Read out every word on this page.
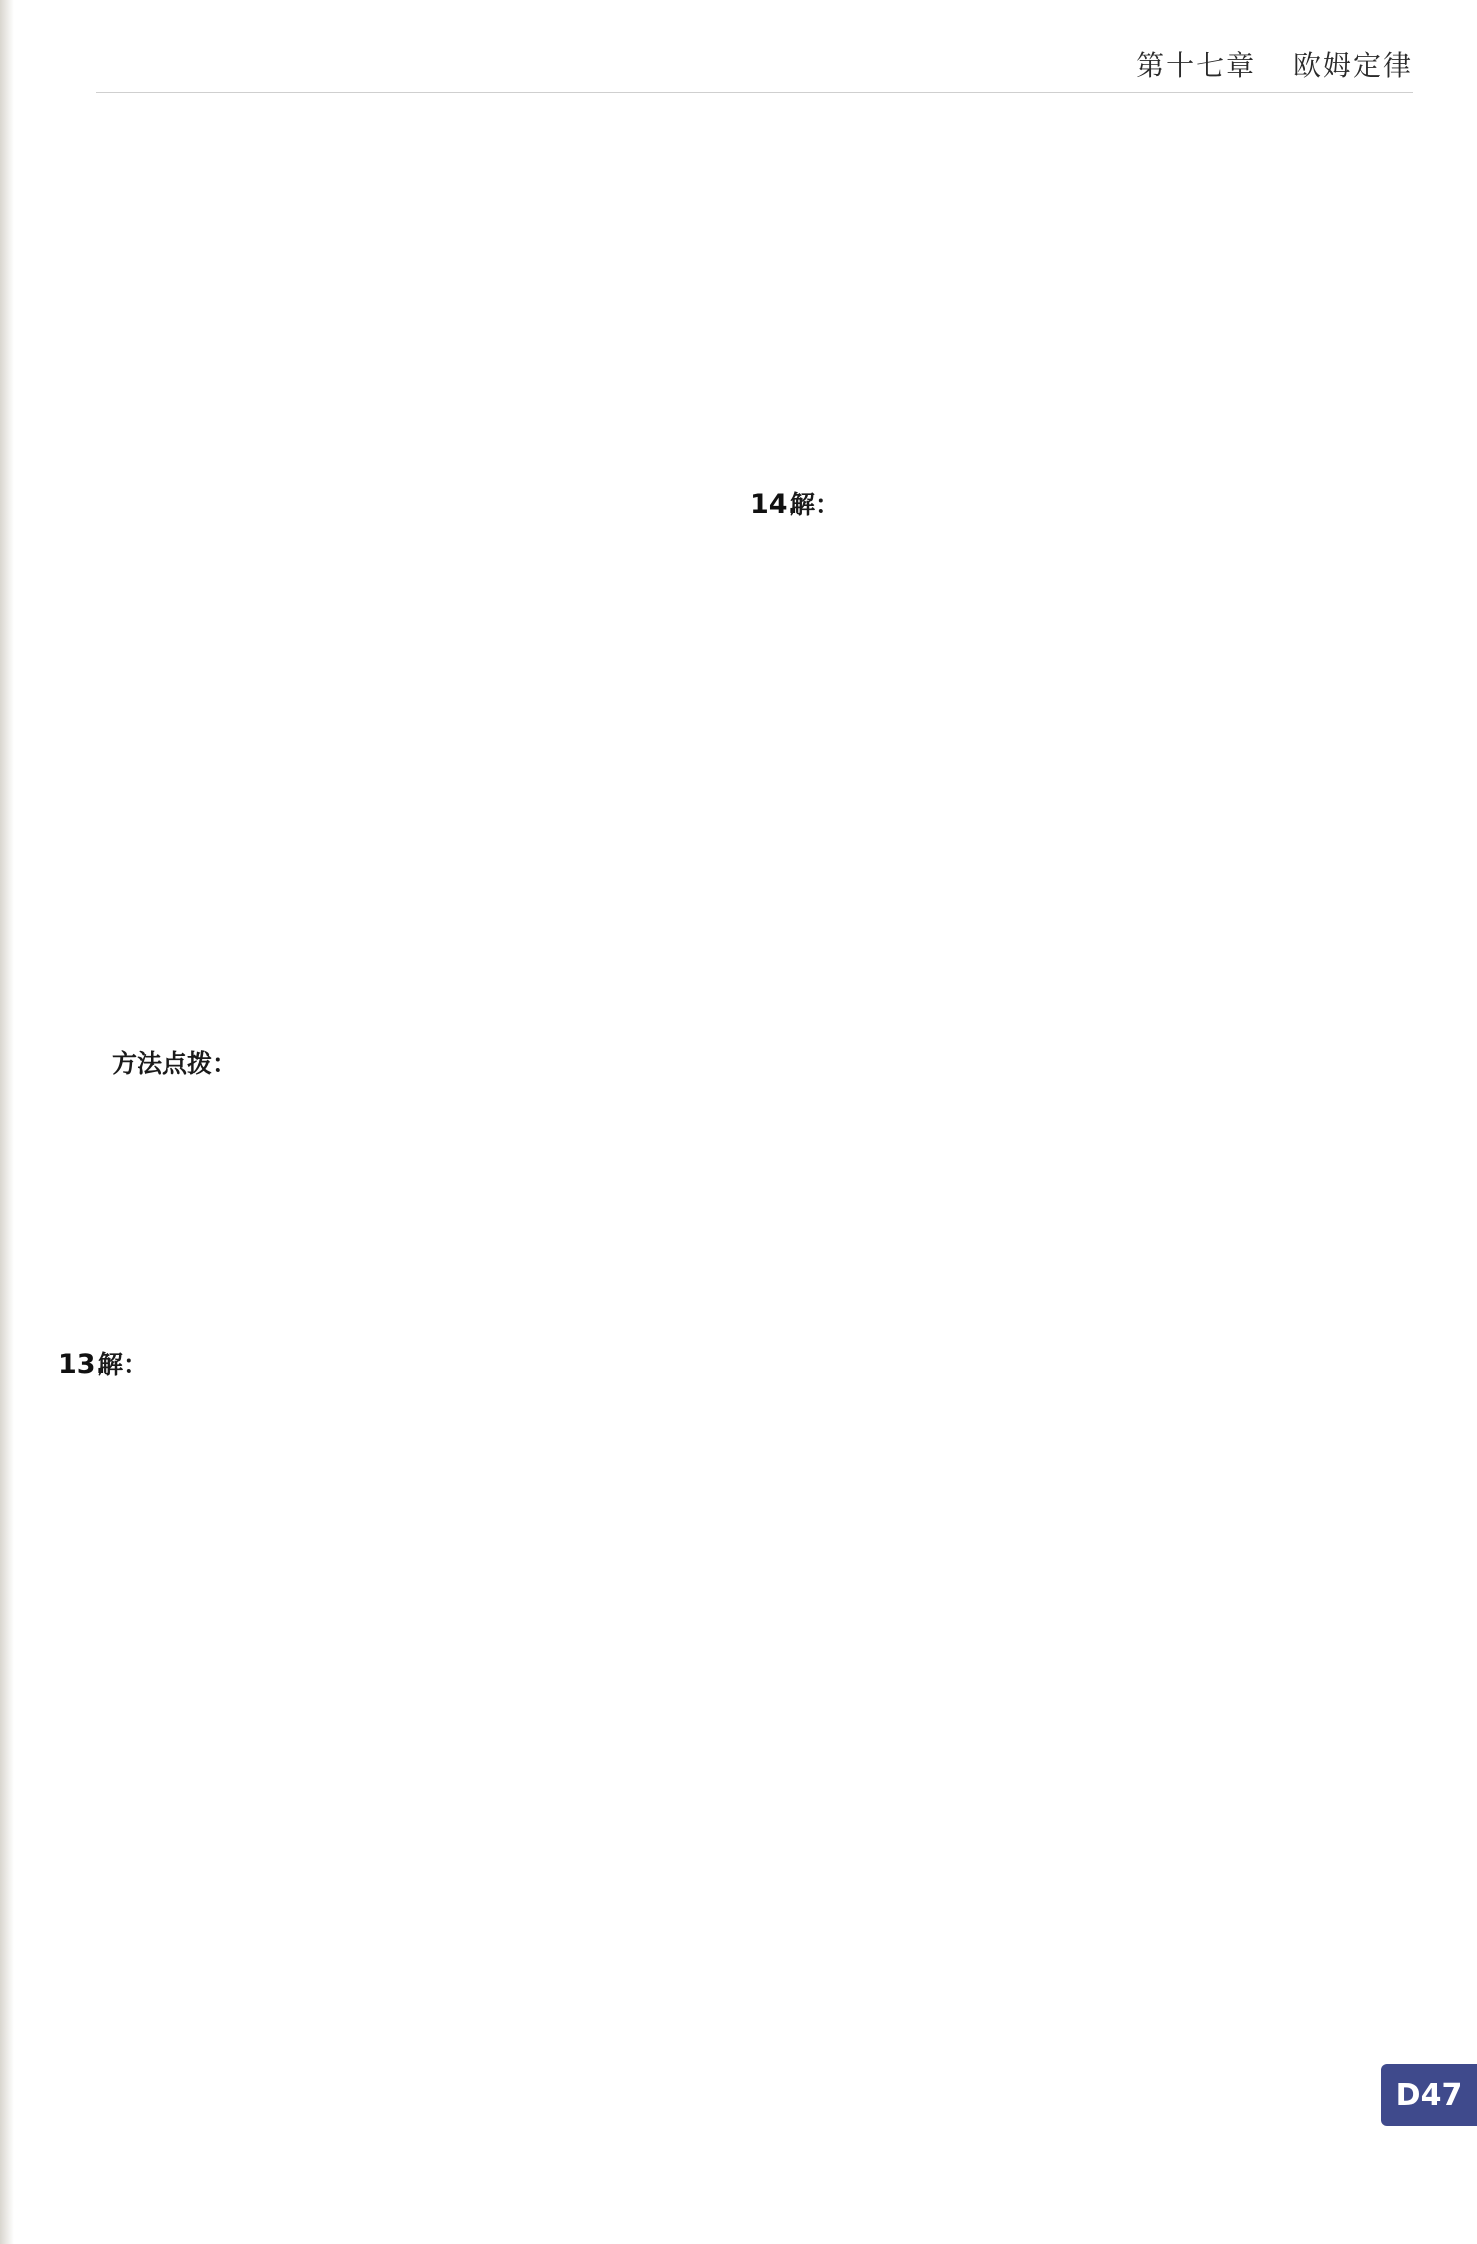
第十七章 欧姆定律
方法点拨：
13.
解：
14.
解：
D47
